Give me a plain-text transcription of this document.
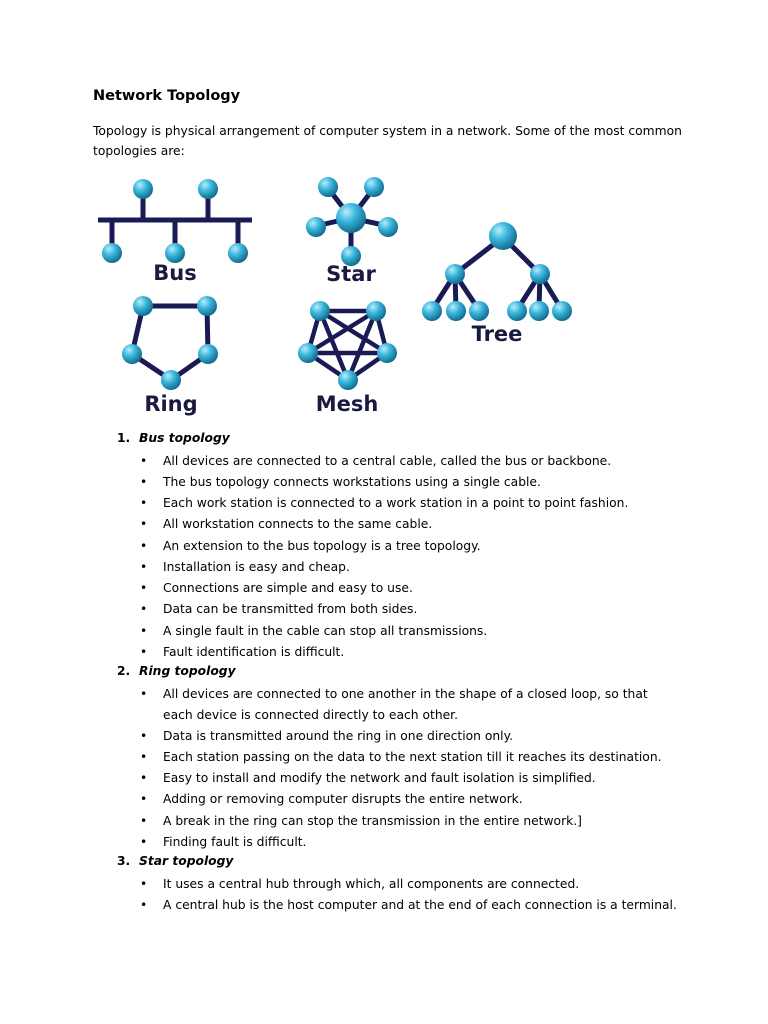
Network Topology

Topology is physical arrangement of computer system in a network. Some of the most common topologies are:

Bus	Star
Tree
Ring	Mesh
1. Bus topology
•	All devices are connected to a central cable, called the bus or backbone.
•	The bus topology connects workstations using a single cable.
•	Each work station is connected to a work station in a point to point fashion.
•	All workstation connects to the same cable.
•	An extension to the bus topology is a tree topology.
•	Installation is easy and cheap.
•	Connections are simple and easy to use.
•	Data can be transmitted from both sides.
•	A single fault in the cable can stop all transmissions.
•	Fault identification is difficult.
2. Ring topology
•	All devices are connected to one another in the shape of a closed loop, so that each device is connected directly to each other.
•	Data is transmitted around the ring in one direction only.
•	Each station passing on the data to the next station till it reaches its destination.
•	Easy to install and modify the network and fault isolation is simplified.
•	Adding or removing computer disrupts the entire network.
•	A break in the ring can stop the transmission in the entire network.]
•	Finding fault is difficult.
3. Star topology
•	It uses a central hub through which, all components are connected.
•	A central hub is the host computer and at the end of each connection is a terminal.
